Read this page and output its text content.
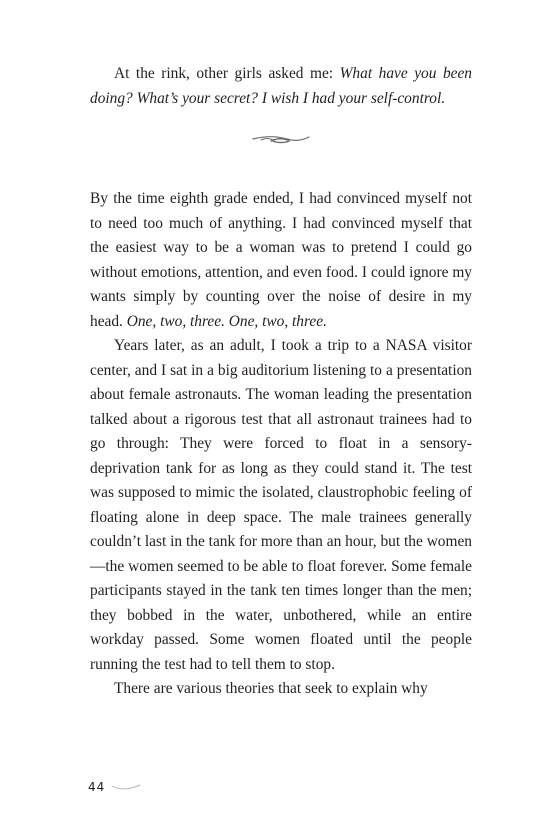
At the rink, other girls asked me: What have you been doing? What’s your secret? I wish I had your self-control.

By the time eighth grade ended, I had convinced myself not to need too much of anything. I had convinced myself that the easiest way to be a woman was to pretend I could go without emotions, attention, and even food. I could ignore my wants simply by counting over the noise of desire in my head. One, two, three. One, two, three.

Years later, as an adult, I took a trip to a NASA visitor center, and I sat in a big auditorium listening to a presentation about female astronauts. The woman leading the presentation talked about a rigorous test that all astronaut trainees had to go through: They were forced to float in a sensory-deprivation tank for as long as they could stand it. The test was supposed to mimic the isolated, claustrophobic feeling of floating alone in deep space. The male trainees generally couldn’t last in the tank for more than an hour, but the women—the women seemed to be able to float forever. Some female participants stayed in the tank ten times longer than the men; they bobbed in the water, unbothered, while an entire workday passed. Some women floated until the people running the test had to tell them to stop.

There are various theories that seek to explain why

44
